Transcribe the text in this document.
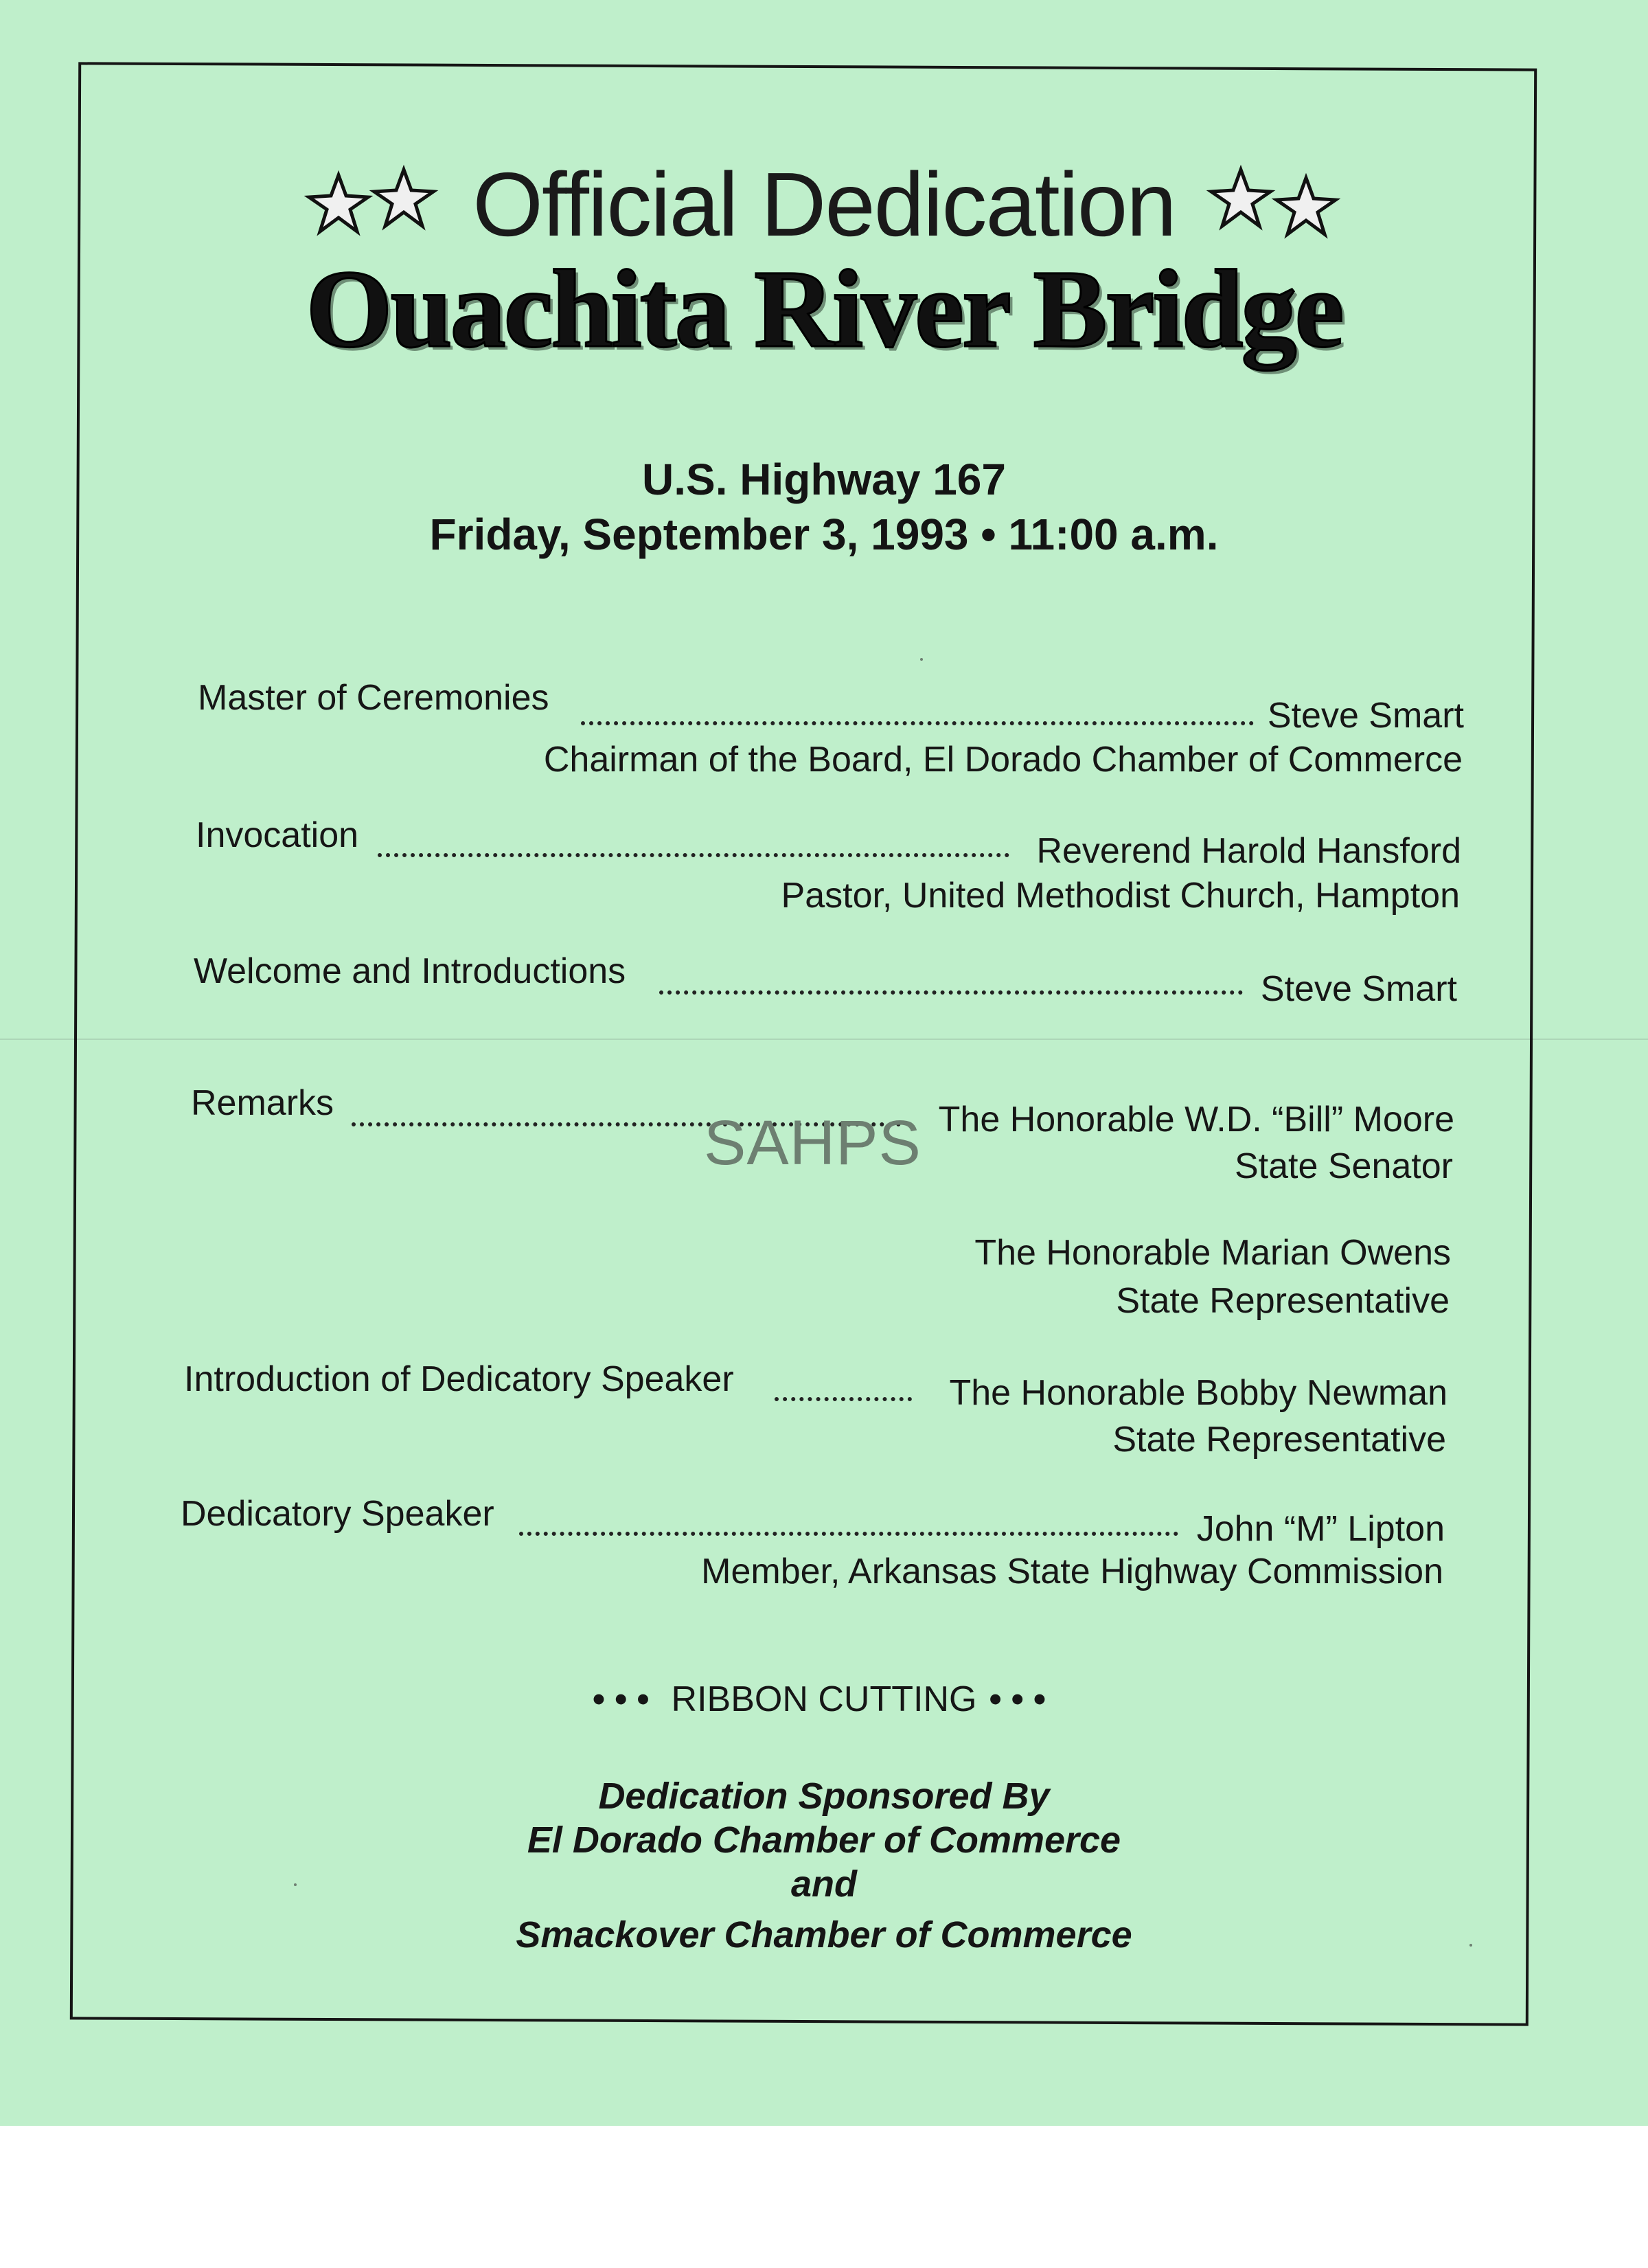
Official Dedication
Ouachita River Bridge
U.S. Highway 167
Friday, September 3, 1993 • 11:00 a.m.
Master of Ceremonies	Steve Smart
Chairman of the Board, El Dorado Chamber of Commerce
Invocation	Reverend Harold Hansford
Pastor, United Methodist Church, Hampton
Welcome and Introductions	Steve Smart
Remarks	The Honorable W.D. “Bill” Moore
State Senator
The Honorable Marian Owens
State Representative
Introduction of Dedicatory Speaker	The Honorable Bobby Newman
State Representative
Dedicatory Speaker	John “M” Lipton
Member, Arkansas State Highway Commission
SAHPS
••• RIBBON CUTTING •••
Dedication Sponsored By
El Dorado Chamber of Commerce
and
Smackover Chamber of Commerce
